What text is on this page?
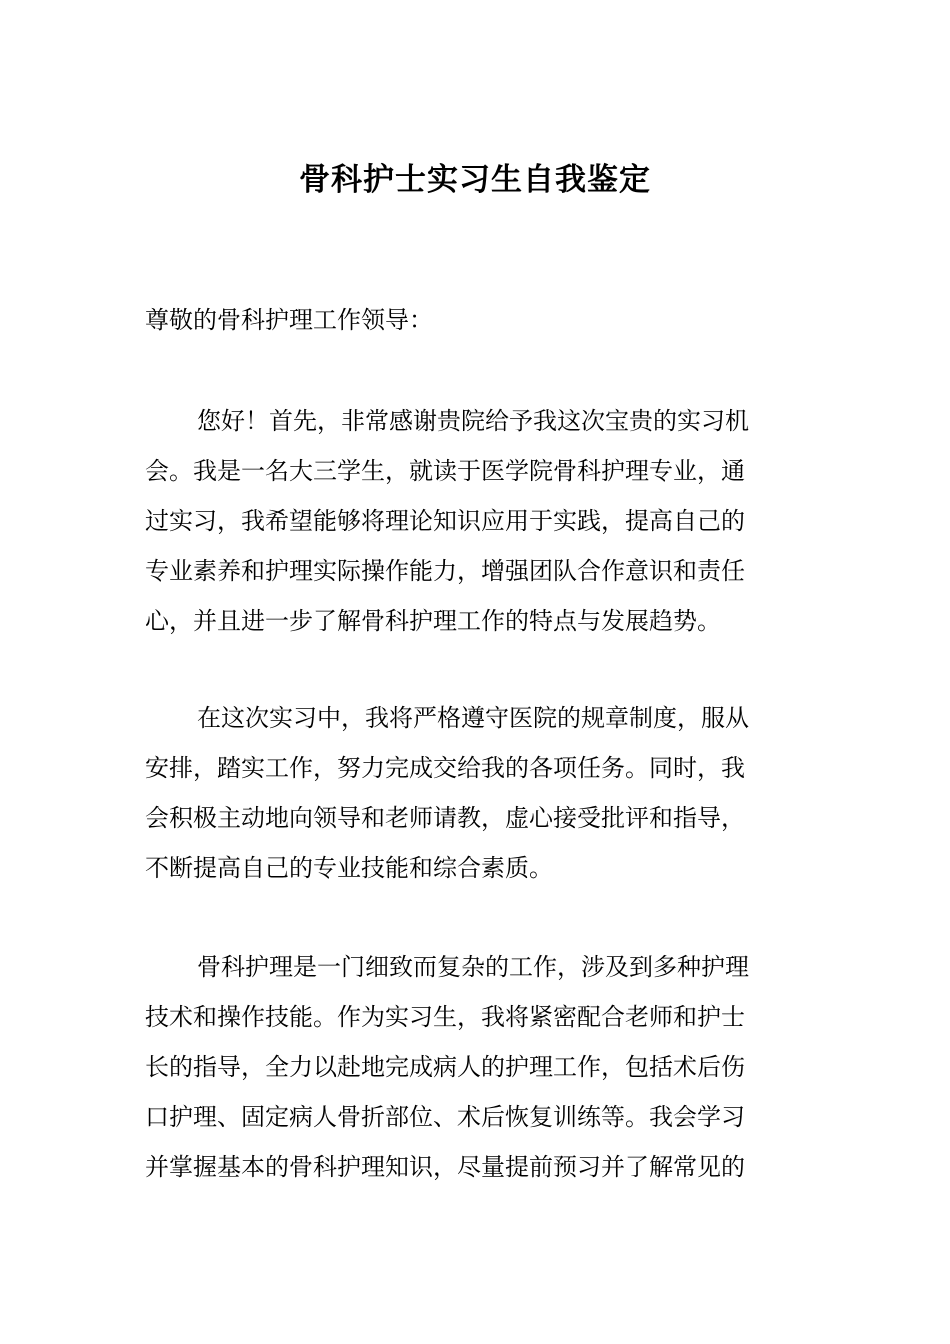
骨科护士实习生自我鉴定
尊敬的骨科护理工作领导：
您好！首先，非常感谢贵院给予我这次宝贵的实习机
会。我是一名大三学生，就读于医学院骨科护理专业，通
过实习，我希望能够将理论知识应用于实践，提高自己的
专业素养和护理实际操作能力，增强团队合作意识和责任
心，并且进一步了解骨科护理工作的特点与发展趋势。
在这次实习中，我将严格遵守医院的规章制度，服从
安排，踏实工作，努力完成交给我的各项任务。同时，我
会积极主动地向领导和老师请教，虚心接受批评和指导，
不断提高自己的专业技能和综合素质。
骨科护理是一门细致而复杂的工作，涉及到多种护理
技术和操作技能。作为实习生，我将紧密配合老师和护士
长的指导，全力以赴地完成病人的护理工作，包括术后伤
口护理、固定病人骨折部位、术后恢复训练等。我会学习
并掌握基本的骨科护理知识，尽量提前预习并了解常见的
